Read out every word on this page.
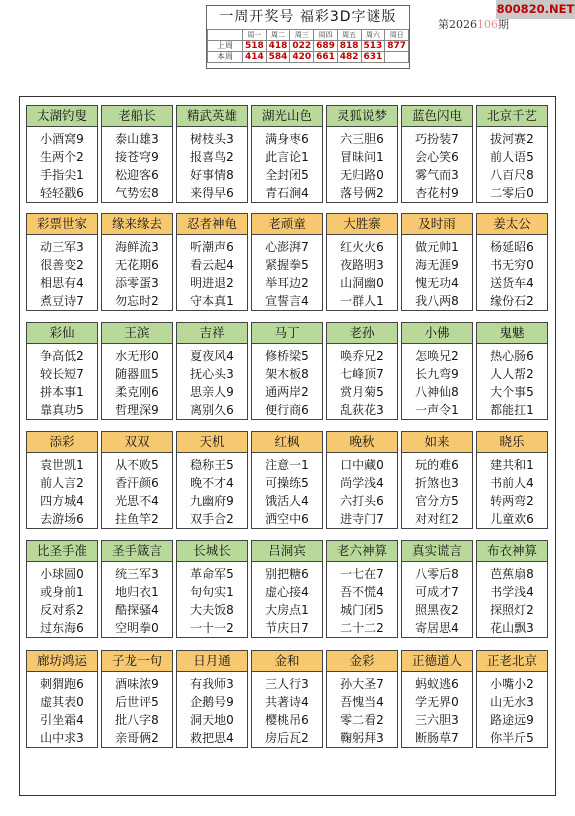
800820.NET
一周开奖号 福彩3D字谜版
	周一	周二	周三	周四	周五	周六	周日
上周	518	418	022	689	818	513	877
本周	414	584	420	661	482	631	
第2026106期
太湖钓叟
小酒窝9
生两个2
手指尖1
轻轻戳6
老船长
泰山雄3
接苍穹9
松迎客6
气势宏8
精武英雄
树枝头3
报喜鸟2
好事情8
来得早6
湖光山色
满身枣6
此言论1
全封闭5
青石涧4
灵狐说梦
六三胆6
冒昧问1
无归路0
落号俩2
蓝色闪电
巧扮装7
会心笑6
雾气而3
杏花村9
北京千艺
拔河赛2
前人语5
八百尺8
二零后0
彩票世家
动三军3
很善变2
相思有4
煮豆诗7
缘来缘去
海鲜流3
无花期6
添零蛋3
勿忘时2
忍者神龟
听潮声6
看云起4
明进退2
守本真1
老顽童
心澎湃7
紧握拳5
举耳边2
宣誓言4
大胜寨
红火火6
夜路明3
山洞幽0
一群人1
及时雨
做元帅1
海无涯9
愧无功4
我八两8
姜太公
杨延昭6
书无穷0
送货车4
缘份石2
彩仙
争高低2
较长短7
拼本事1
靠真功5
王滨
水无形0
随器皿5
柔克刚6
哲理深9
吉祥
夏夜风4
抚心头3
思亲人9
离别久6
马丁
修桥梁5
架木板8
通两岸2
便行商6
老孙
唤乔兄2
七峰顶7
赏月菊5
乱荻花3
小佛
怎唤兄2
长九弯9
八神仙8
一声令1
鬼魅
热心肠6
人人帮2
大个事5
都能扛1
添彩
袁世凯1
前人言2
四方城4
去游场6
双双
从不败5
香汗颜6
光思不4
拄鱼竿2
天机
稳称王5
晚不才4
九幽府9
双手合2
红枫
注意一1
可操练5
饿活人4
洒空中6
晚秋
口中藏0
尚学浅4
六打头6
进寺门7
如来
玩的难6
折煞也3
官分方5
对对红2
晓乐
建共和1
书前人4
转两弯2
儿童欢6
比圣手准
小球圆0
或身前1
反对系2
过东海6
圣手箴言
统三军3
地归衣1
酷探骚4
空明拳0
长城长
革命军5
句句实1
大夫饭8
一十一2
吕洞宾
别把糖6
虚心接4
大房点1
节庆日7
老六神算
一七在7
吾不慌4
城门闭5
二十二2
真实谎言
八零后8
可成才7
照黑夜2
寄居思4
布衣神算
芭蕉扇8
书学浅4
探照灯2
花山飘3
廊坊鸿运
刺猬跑6
虚其表0
引坐霜4
山中求3
子龙一句
酒味浓9
后世评5
批八字8
亲哥俩2
日月通
有我师3
企鹅号9
洞天地0
救把思4
金和
三人行3
共著诗4
樱桃吊6
房后瓦2
金彩
孙大圣7
吾愧当4
零二看2
鞠躬拜3
正德道人
蚂蚁逃6
学无界0
三六胆3
断肠草7
正老北京
小嘴小2
山无水3
路途远9
你半斤5
